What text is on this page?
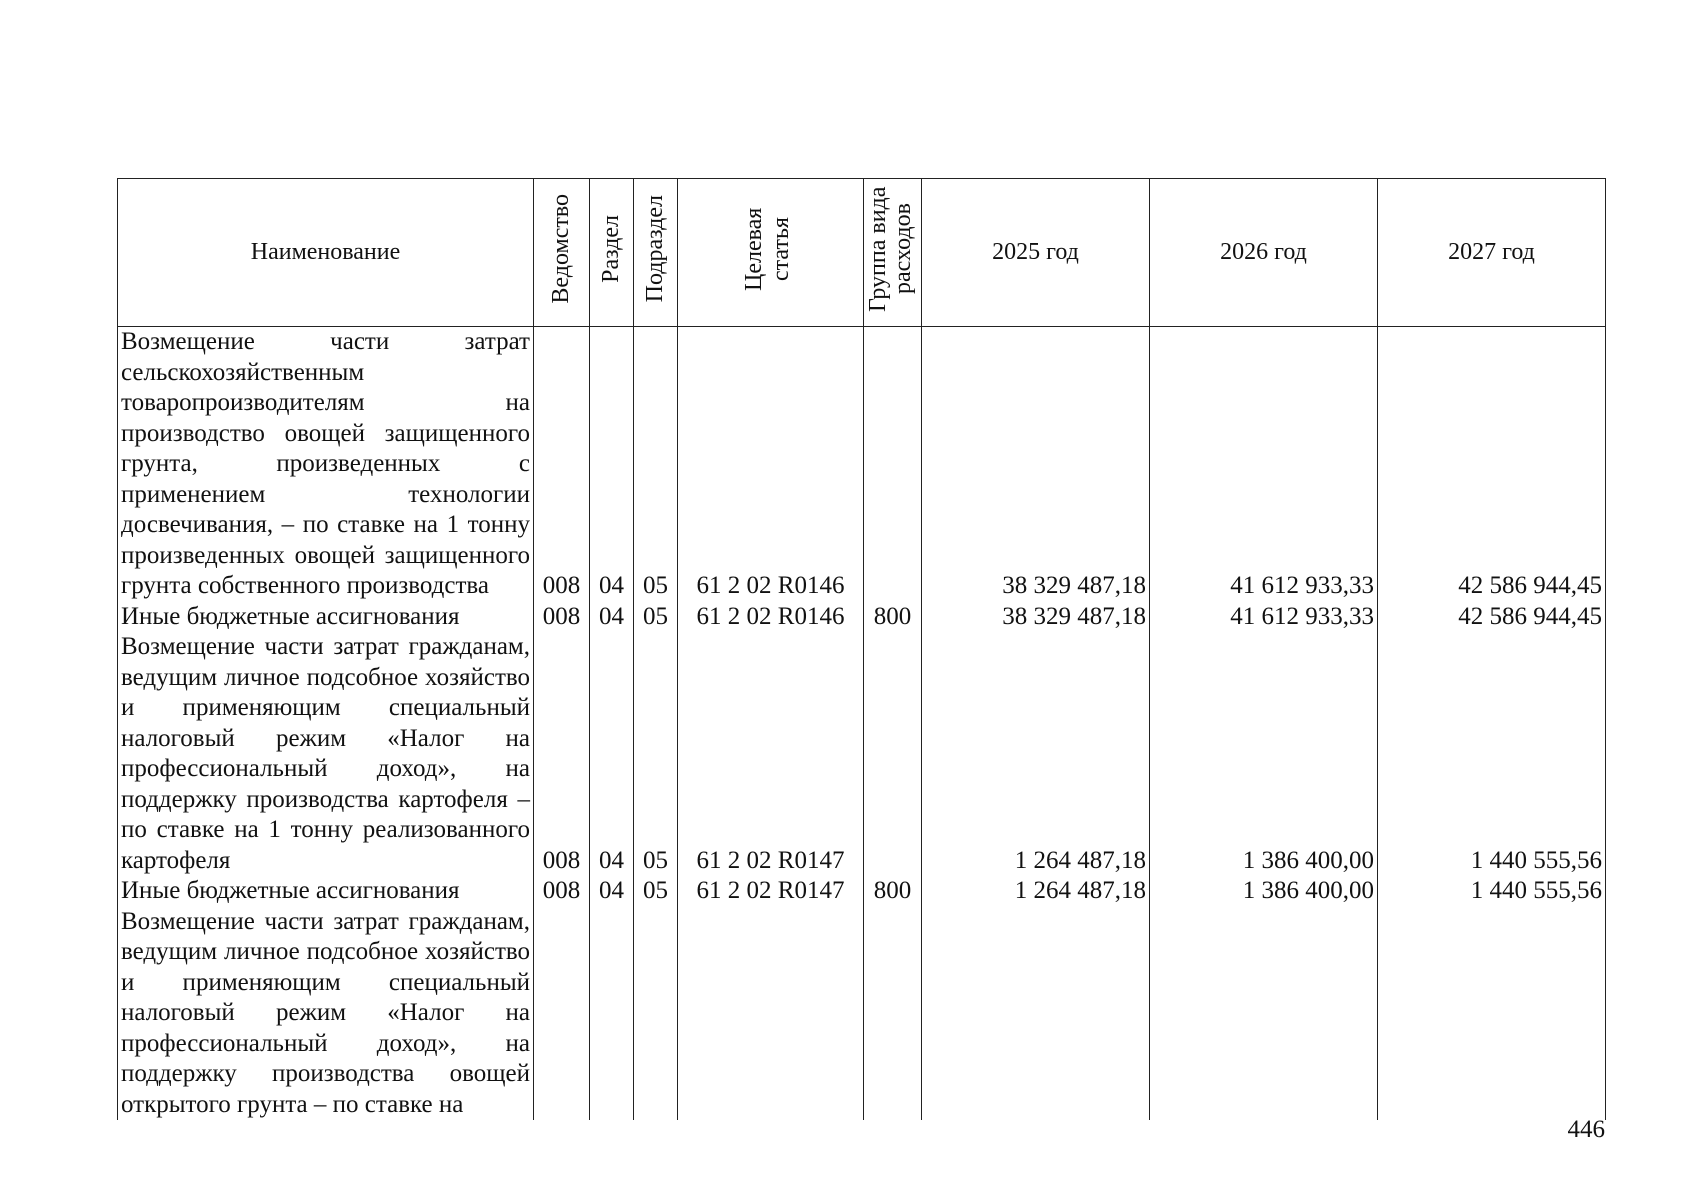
Наименование	Ведомство	Раздел	Подраздел	Целевая статья	Группа вида расходов	2025 год	2026 год	2027 год
Возмещение части затрат сельскохозяйственным товаропроизводителям на производство овощей защищенного грунта, произведенных с применением технологии досвечивания, – по ставке на 1 тонну произведенных овощей защищенного грунта собственного производства	008	04	05	61 2 02 R0146		38 329 487,18	41 612 933,33	42 586 944,45
Иные бюджетные ассигнования	008	04	05	61 2 02 R0146	800	38 329 487,18	41 612 933,33	42 586 944,45
Возмещение части затрат гражданам, ведущим личное подсобное хозяйство и применяющим специальный налоговый режим «Налог на профессиональный доход», на поддержку производства картофеля – по ставке на 1 тонну реализованного картофеля	008	04	05	61 2 02 R0147		1 264 487,18	1 386 400,00	1 440 555,56
Иные бюджетные ассигнования	008	04	05	61 2 02 R0147	800	1 264 487,18	1 386 400,00	1 440 555,56
Возмещение части затрат гражданам, ведущим личное подсобное хозяйство и применяющим специальный налоговый режим «Налог на профессиональный доход», на поддержку производства овощей открытого грунта – по ставке на								
446
